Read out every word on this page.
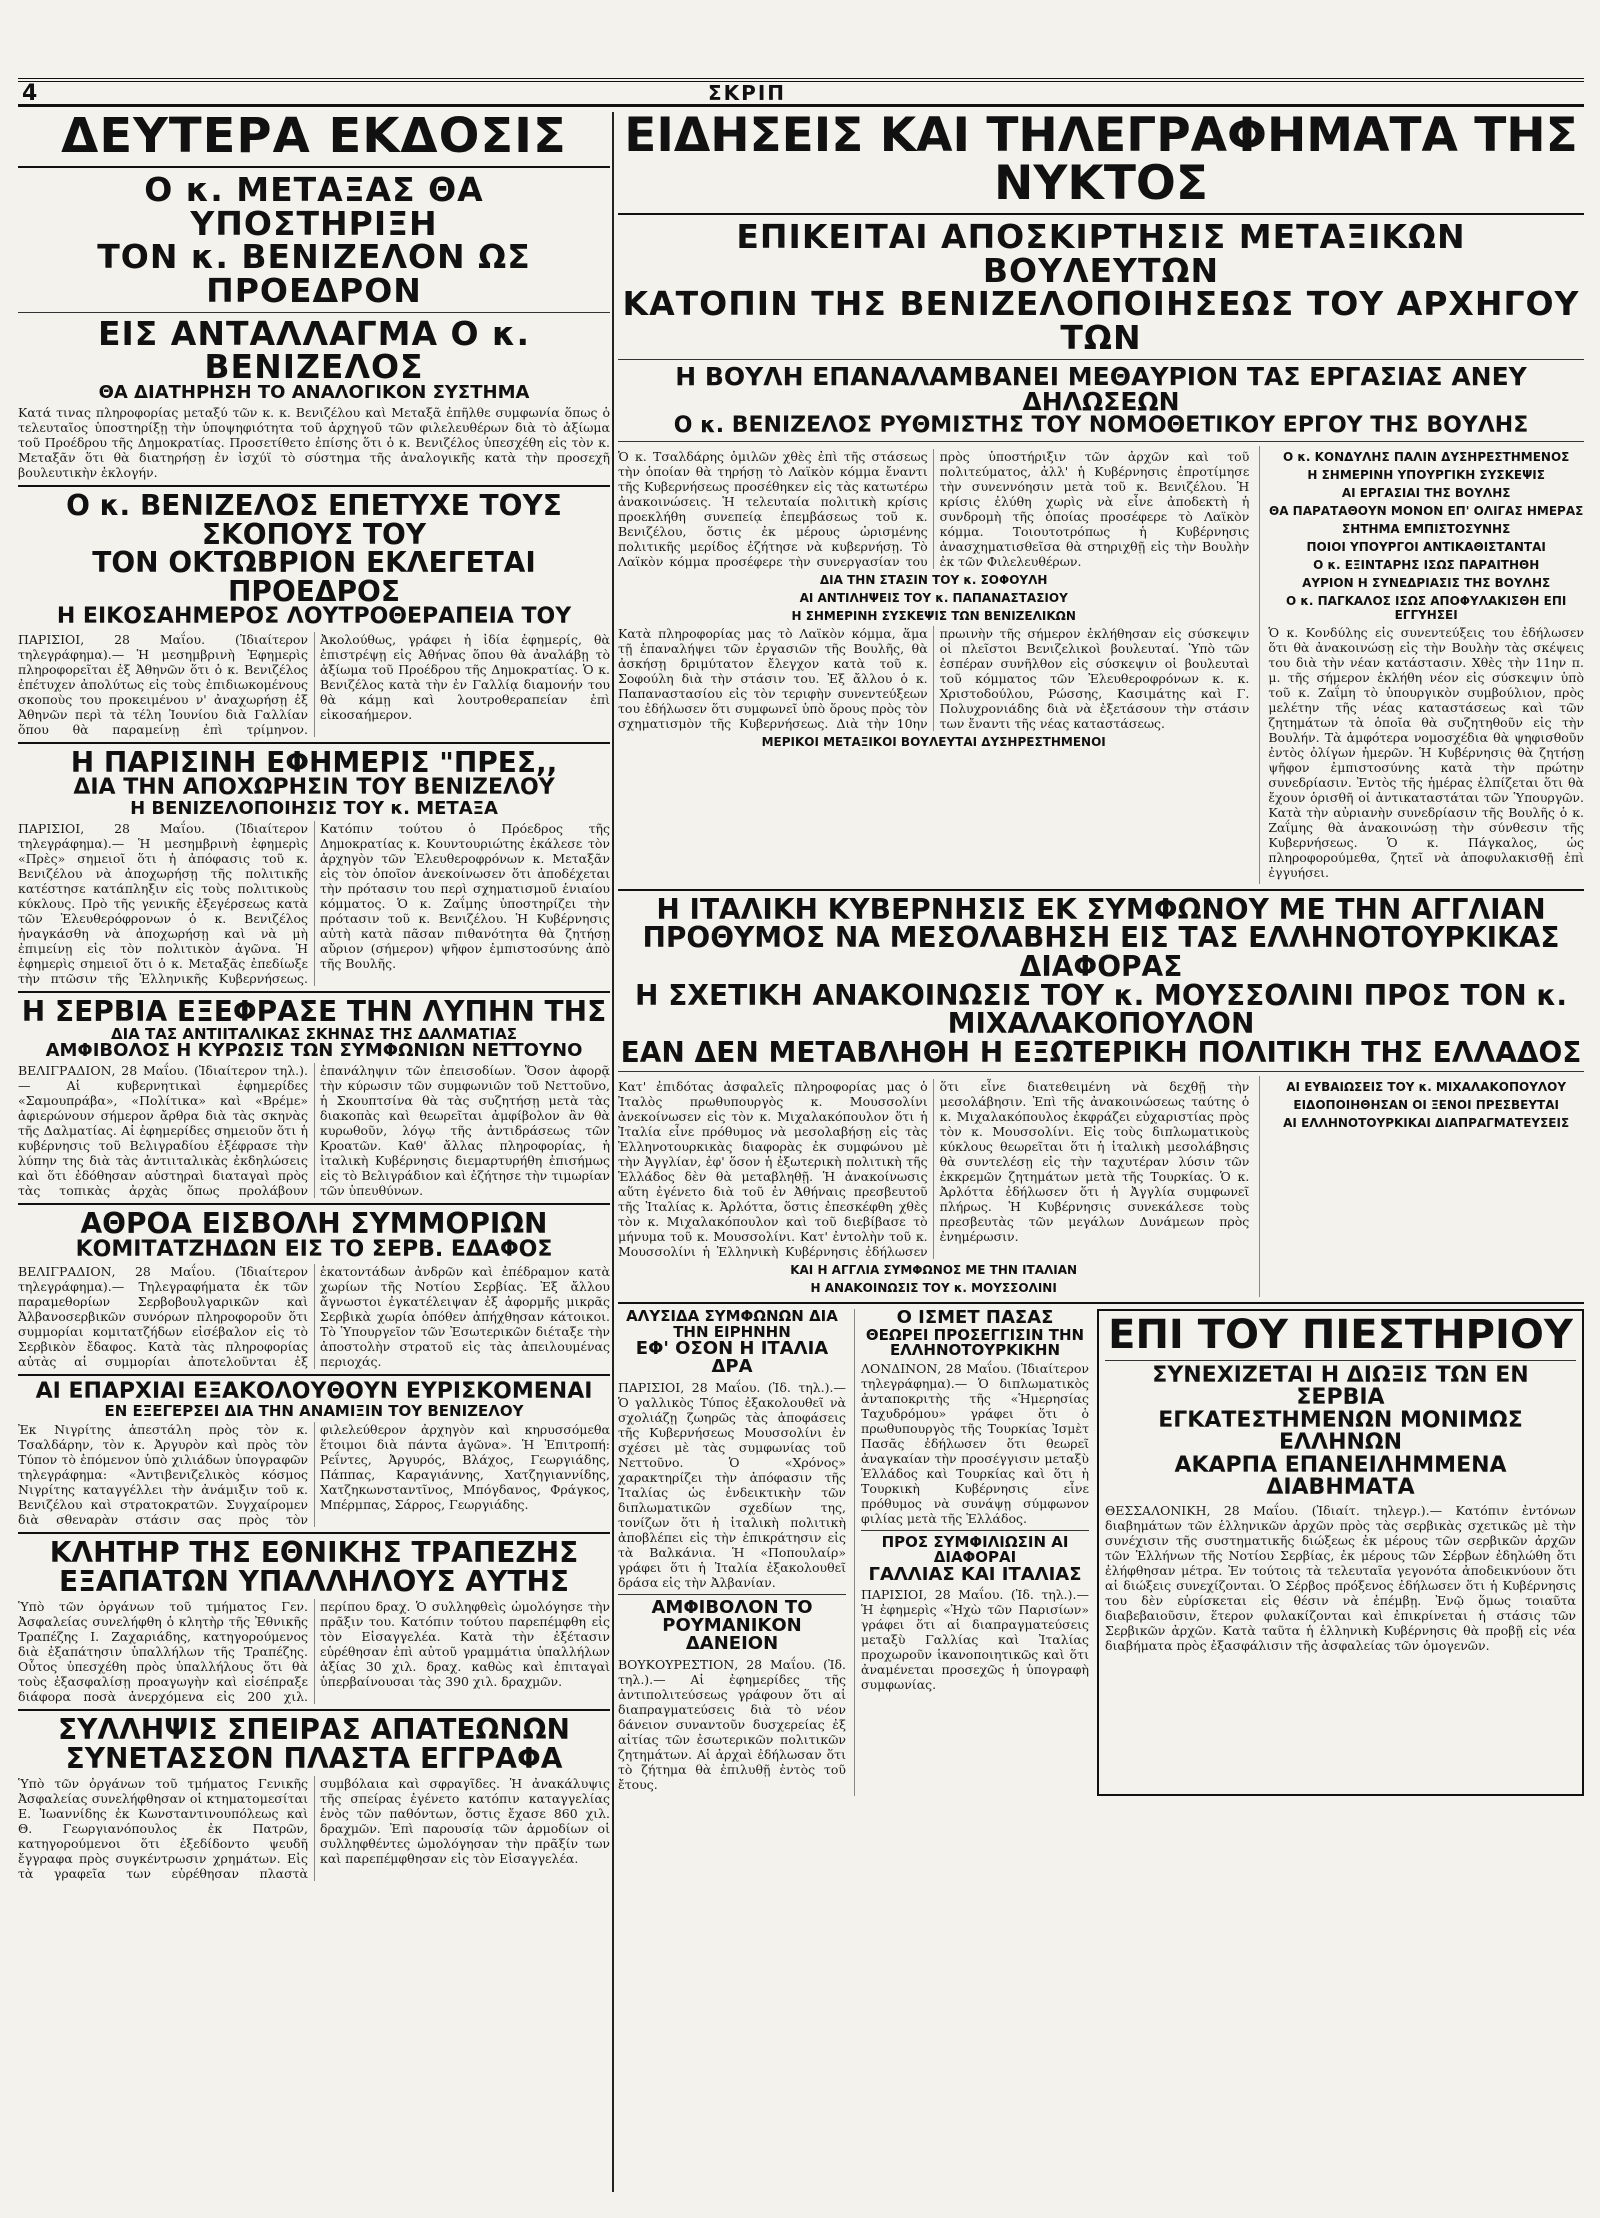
4	ΣΚΡΙΠ
ΔΕΥΤΕΡΑ ΕΚΔΟΣΙΣ
Ο κ. ΜΕΤΑΞΑΣ ΘΑ ΥΠΟΣΤΗΡΙΞΗ
ΤΟΝ κ. ΒΕΝΙΖΕΛΟΝ ΩΣ ΠΡΟΕΔΡΟΝ
ΕΙΣ ΑΝΤΑΛΛΑΓΜΑ Ο κ. ΒΕΝΙΖΕΛΟΣ
ΘΑ ΔΙΑΤΗΡΗΣΗ ΤΟ ΑΝΑΛΟΓΙΚΟΝ ΣΥΣΤΗΜΑ

Κατά τινας πληροφορίας μεταξύ τῶν κ. κ. Βενιζέλου καὶ Μεταξᾶ ἐπῆλθε συμφωνία ὅπως ὁ τελευταῖος ὑποστηρίξῃ τὴν ὑποψηφιότητα τοῦ ἀρχηγοῦ τῶν φιλελευθέρων διὰ τὸ ἀξίωμα τοῦ Προέδρου τῆς Δημοκρατίας. Προσετίθετο ἐπίσης ὅτι ὁ κ. Βενιζέλος ὑπεσχέθη εἰς τὸν κ. Μεταξᾶν ὅτι θὰ διατηρήσῃ ἐν ἰσχύϊ τὸ σύστημα τῆς ἀναλογικῆς κατὰ τὴν προσεχῆ βουλευτικὴν ἐκλογήν.

Ο κ. ΒΕΝΙΖΕΛΟΣ ΕΠΕΤΥΧΕ ΤΟΥΣ ΣΚΟΠΟΥΣ ΤΟΥ
ΤΟΝ ΟΚΤΩΒΡΙΟΝ ΕΚΛΕΓΕΤΑΙ ΠΡΟΕΔΡΟΣ
Η ΕΙΚΟΣΑΗΜΕΡΟΣ ΛΟΥΤΡΟΘΕΡΑΠΕΙΑ ΤΟΥ

ΠΑΡΙΣΙΟΙ, 28 Μαΐου. (Ἰδιαίτερον τηλεγράφημα).— Ἡ μεσημβρινὴ Ἐφημερὶς πληροφορεῖται ἐξ Ἀθηνῶν ὅτι ὁ κ. Βενιζέλος ἐπέτυχεν ἀπολύτως εἰς τοὺς ἐπιδιωκομένους σκοποὺς του προκειμένου ν' ἀναχωρήσῃ ἐξ Ἀθηνῶν περὶ τὰ τέλη Ἰουνίου διὰ Γαλλίαν ὅπου θὰ παραμείνῃ ἐπὶ τρίμηνον. Ἀκολούθως, γράφει ἡ ἰδία ἐφημερίς, θὰ ἐπιστρέψῃ εἰς Ἀθήνας ὅπου θὰ ἀναλάβῃ τὸ ἀξίωμα τοῦ Προέδρου τῆς Δημοκρατίας. Ὁ κ. Βενιζέλος κατὰ τὴν ἐν Γαλλίᾳ διαμονήν του θὰ κάμῃ καὶ λουτροθεραπείαν ἐπὶ εἰκοσαήμερον.

Η ΠΑΡΙΣΙΝΗ ΕΦΗΜΕΡΙΣ "ΠΡΕΣ,,
ΔΙΑ ΤΗΝ ΑΠΟΧΩΡΗΣΙΝ ΤΟΥ ΒΕΝΙΖΕΛΟΥ
Η ΒΕΝΙΖΕΛΟΠΟΙΗΣΙΣ ΤΟΥ κ. ΜΕΤΑΞΑ

ΠΑΡΙΣΙΟΙ, 28 Μαΐου. (Ἰδιαίτερον τηλεγράφημα).— Ἡ μεσημβρινὴ ἐφημερὶς «Πρὲς» σημειοῖ ὅτι ἡ ἀπόφασις τοῦ κ. Βενιζέλου νὰ ἀποχωρήσῃ τῆς πολιτικῆς κατέστησε κατάπληξιν εἰς τοὺς πολιτικοὺς κύκλους. Πρὸ τῆς γενικῆς ἐξεγέρσεως κατὰ τῶν Ἐλευθερόφρονων ὁ κ. Βενιζέλος ἠναγκάσθη νὰ ἀποχωρήσῃ καὶ νὰ μὴ ἐπιμείνῃ εἰς τὸν πολιτικὸν ἀγῶνα. Ἡ ἐφημερὶς σημειοῖ ὅτι ὁ κ. Μεταξᾶς ἐπεδίωξε τὴν πτῶσιν τῆς Ἑλληνικῆς Κυβερνήσεως. Κατόπιν τούτου ὁ Πρόεδρος τῆς Δημοκρατίας κ. Κουντουριώτης ἐκάλεσε τὸν ἀρχηγὸν τῶν Ἐλευθεροφρόνων κ. Μεταξᾶν εἰς τὸν ὁποῖον ἀνεκοίνωσεν ὅτι ἀποδέχεται τὴν πρότασιν του περὶ σχηματισμοῦ ἑνιαίου κόμματος. Ὁ κ. Ζαΐμης ὑποστηρίζει τὴν πρότασιν τοῦ κ. Βενιζέλου. Ἡ Κυβέρνησις αὐτὴ κατὰ πᾶσαν πιθανότητα θὰ ζητήσῃ αὔριον (σήμερον) ψῆφον ἐμπιστοσύνης ἀπὸ τῆς Βουλῆς.

Η ΣΕΡΒΙΑ ΕΞΕΦΡΑΣΕ ΤΗΝ ΛΥΠΗΝ ΤΗΣ
ΔΙΑ ΤΑΣ ΑΝΤΙΙΤΑΛΙΚΑΣ ΣΚΗΝΑΣ ΤΗΣ ΔΑΛΜΑΤΙΑΣ
ΑΜΦΙΒΟΛΟΣ Η ΚΥΡΩΣΙΣ ΤΩΝ ΣΥΜΦΩΝΙΩΝ ΝΕΤΤΟΥΝΟ

ΒΕΛΙΓΡΑΔΙΟΝ, 28 Μαΐου. (Ἰδιαίτερον τηλ.).— Αἱ κυβερνητικαὶ ἐφημερίδες «Σαμουπράβα», «Πολίτικα» καὶ «Βρέμε» ἀφιερώνουν σήμερον ἄρθρα διὰ τὰς σκηνὰς τῆς Δαλματίας. Αἱ ἐφημερίδες σημειοῦν ὅτι ἡ κυβέρνησις τοῦ Βελιγραδίου ἐξέφρασε τὴν λύπην της διὰ τὰς ἀντιιταλικὰς ἐκδηλώσεις καὶ ὅτι ἐδόθησαν αὐστηραὶ διαταγαὶ πρὸς τὰς τοπικὰς ἀρχὰς ὅπως προλάβουν ἐπανάληψιν τῶν ἐπεισοδίων. Ὅσον ἀφορᾷ τὴν κύρωσιν τῶν συμφωνιῶν τοῦ Νεττοῦνο, ἡ Σκουπτσίνα θὰ τὰς συζητήσῃ μετὰ τὰς διακοπὰς καὶ θεωρεῖται ἀμφίβολον ἂν θὰ κυρωθοῦν, λόγῳ τῆς ἀντιδράσεως τῶν Κροατῶν. Καθ' ἄλλας πληροφορίας, ἡ ἰταλικὴ Κυβέρνησις διεμαρτυρήθη ἐπισήμως εἰς τὸ Βελιγράδιον καὶ ἐζήτησε τὴν τιμωρίαν τῶν ὑπευθύνων.

ΑΘΡΟΑ ΕΙΣΒΟΛΗ ΣΥΜΜΟΡΙΩΝ
ΚΟΜΙΤΑΤΖΗΔΩΝ ΕΙΣ ΤΟ ΣΕΡΒ. ΕΔΑΦΟΣ

ΒΕΛΙΓΡΑΔΙΟΝ, 28 Μαΐου. (Ἰδιαίτερον τηλεγράφημα).— Τηλεγραφήματα ἐκ τῶν παραμεθορίων Σερβοβουλγαρικῶν καὶ Ἀλβανοσερβικῶν συνόρων πληροφοροῦν ὅτι συμμορίαι κομιτατζήδων εἰσέβαλον εἰς τὸ Σερβικὸν ἔδαφος. Κατὰ τὰς πληροφορίας αὐτὰς αἱ συμμορίαι ἀποτελοῦνται ἐξ ἑκατοντάδων ἀνδρῶν καὶ ἐπέδραμον κατὰ χωρίων τῆς Νοτίου Σερβίας. Ἐξ ἄλλου ἄγνωστοι ἐγκατέλειψαν ἐξ ἀφορμῆς μικρᾶς Σερβικὰ χωρία ὁπόθεν ἀπήχθησαν κάτοικοι. Τὸ Ὑπουργεῖον τῶν Ἐσωτερικῶν διέταξε τὴν ἀποστολὴν στρατοῦ εἰς τὰς ἀπειλουμένας περιοχάς.

ΑΙ ΕΠΑΡΧΙΑΙ ΕΞΑΚΟΛΟΥΘΟΥΝ ΕΥΡΙΣΚΟΜΕΝΑΙ
ΕΝ ΕΞΕΓΕΡΣΕΙ ΔΙΑ ΤΗΝ ΑΝΑΜΙΞΙΝ ΤΟΥ ΒΕΝΙΖΕΛΟΥ

Ἐκ Νιγρίτης ἀπεστάλη πρὸς τὸν κ. Τσαλδάρην, τὸν κ. Ἀργυρὸν καὶ πρὸς τὸν Τύπον τὸ ἑπόμενον ὑπὸ χιλιάδων ὑπογραφῶν τηλεγράφημα: «Ἀντιβενιζελικὸς κόσμος Νιγρίτης καταγγέλλει τὴν ἀνάμιξιν τοῦ κ. Βενιζέλου καὶ στρατοκρατῶν. Συγχαίρομεν διὰ σθεναρὰν στάσιν σας πρὸς τὸν φιλελεύθερον ἀρχηγὸν καὶ κηρυσσόμεθα ἕτοιμοι διὰ πάντα ἀγῶνα». Ἡ Ἐπιτροπή: Ρεΐντες, Ἀργυρός, Βλάχος, Γεωργιάδης, Πάππας, Καραγιάννης, Χατζηγιαννίδης, Χατζηκωνσταντῖνος, Μπόγδανος, Φράγκος, Μπέρμπας, Σάρρος, Γεωργιάδης.

ΚΛΗΤΗΡ ΤΗΣ ΕΘΝΙΚΗΣ ΤΡΑΠΕΖΗΣ
ΕΞΑΠΑΤΩΝ ΥΠΑΛΛΗΛΟΥΣ ΑΥΤΗΣ

Ὑπὸ τῶν ὀργάνων τοῦ τμήματος Γεν. Ἀσφαλείας συνελήφθη ὁ κλητὴρ τῆς Ἐθνικῆς Τραπέζης Ι. Ζαχαριάδης, κατηγορούμενος διὰ ἐξαπάτησιν ὑπαλλήλων τῆς Τραπέζης. Οὗτος ὑπεσχέθη πρὸς ὑπαλλήλους ὅτι θὰ τοὺς ἐξασφαλίσῃ προαγωγὴν καὶ εἰσέπραξε διάφορα ποσὰ ἀνερχόμενα εἰς 200 χιλ. περίπου δραχ. Ὁ συλληφθεὶς ὡμολόγησε τὴν πρᾶξιν του. Κατόπιν τούτου παρεπέμφθη εἰς τὸν Εἰσαγγελέα. Κατὰ τὴν ἐξέτασιν εὑρέθησαν ἐπὶ αὐτοῦ γραμμάτια ὑπαλλήλων ἀξίας 30 χιλ. δραχ. καθὼς καὶ ἐπιταγαὶ ὑπερβαίνουσαι τὰς 390 χιλ. δραχμῶν.

ΣΥΛΛΗΨΙΣ ΣΠΕΙΡΑΣ ΑΠΑΤΕΩΝΩΝ
ΣΥΝΕΤΑΣΣΟΝ ΠΛΑΣΤΑ ΕΓΓΡΑΦΑ

Ὑπὸ τῶν ὀργάνων τοῦ τμήματος Γενικῆς Ἀσφαλείας συνελήφθησαν οἱ κτηματομεσίται Ε. Ἰωαννίδης ἐκ Κωνσταντινουπόλεως καὶ Θ. Γεωργιανόπουλος ἐκ Πατρῶν, κατηγορούμενοι ὅτι ἐξεδίδοντο ψευδῆ ἔγγραφα πρὸς συγκέντρωσιν χρημάτων. Εἰς τὰ γραφεῖα των εὑρέθησαν πλαστὰ συμβόλαια καὶ σφραγῖδες. Ἡ ἀνακάλυψις τῆς σπείρας ἐγένετο κατόπιν καταγγελίας ἑνὸς τῶν παθόντων, ὅστις ἔχασε 860 χιλ. δραχμῶν. Ἐπὶ παρουσίᾳ τῶν ἀρμοδίων οἱ συλληφθέντες ὡμολόγησαν τὴν πρᾶξίν των καὶ παρεπέμφθησαν εἰς τὸν Εἰσαγγελέα.

ΕΙΔΗΣΕΙΣ ΚΑΙ ΤΗΛΕΓΡΑΦΗΜΑΤΑ ΤΗΣ ΝΥΚΤΟΣ
ΕΠΙΚΕΙΤΑΙ ΑΠΟΣΚΙΡΤΗΣΙΣ ΜΕΤΑΞΙΚΩΝ ΒΟΥΛΕΥΤΩΝ
ΚΑΤΟΠΙΝ ΤΗΣ ΒΕΝΙΖΕΛΟΠΟΙΗΣΕΩΣ ΤΟΥ ΑΡΧΗΓΟΥ ΤΩΝ
Η ΒΟΥΛΗ ΕΠΑΝΑΛΑΜΒΑΝΕΙ ΜΕΘΑΥΡΙΟΝ ΤΑΣ ΕΡΓΑΣΙΑΣ ΑΝΕΥ ΔΗΛΩΣΕΩΝ
Ο κ. ΒΕΝΙΖΕΛΟΣ ΡΥΘΜΙΣΤΗΣ ΤΟΥ ΝΟΜΟΘΕΤΙΚΟΥ ΕΡΓΟΥ ΤΗΣ ΒΟΥΛΗΣ

Ὁ κ. Τσαλδάρης ὁμιλῶν χθὲς ἐπὶ τῆς στάσεως τὴν ὁποίαν θὰ τηρήσῃ τὸ Λαϊκὸν κόμμα ἔναντι τῆς Κυβερνήσεως προσέθηκεν εἰς τὰς κατωτέρω ἀνακοινώσεις. Ἡ τελευταία πολιτικὴ κρίσις προεκλήθη συνεπείᾳ ἐπεμβάσεως τοῦ κ. Βενιζέλου, ὅστις ἐκ μέρους ὡρισμένης πολιτικῆς μερίδος ἐζήτησε νὰ κυβερνήσῃ. Τὸ Λαϊκὸν κόμμα προσέφερε τὴν συνεργασίαν του πρὸς ὑποστήριξιν τῶν ἀρχῶν καὶ τοῦ πολιτεύματος, ἀλλ' ἡ Κυβέρνησις ἐπροτίμησε τὴν συνεννόησιν μετὰ τοῦ κ. Βενιζέλου. Ἡ κρίσις ἐλύθη χωρὶς νὰ εἶνε ἀποδεκτὴ ἡ συνδρομὴ τῆς ὁποίας προσέφερε τὸ Λαϊκὸν κόμμα. Τοιουτοτρόπως ἡ Κυβέρνησις ἀνασχηματισθεῖσα θὰ στηριχθῇ εἰς τὴν Βουλὴν ἐκ τῶν Φιλελευθέρων.

ΔΙΑ ΤΗΝ ΣΤΑΣΙΝ ΤΟΥ κ. ΣΟΦΟΥΛΗ
ΑΙ ΑΝΤΙΛΗΨΕΙΣ ΤΟΥ κ. ΠΑΠΑΝΑΣΤΑΣΙΟΥ
Η ΣΗΜΕΡΙΝΗ ΣΥΣΚΕΨΙΣ ΤΩΝ ΒΕΝΙΖΕΛΙΚΩΝ

Κατὰ πληροφορίας μας τὸ Λαϊκὸν κόμμα, ἅμα τῇ ἐπαναλήψει τῶν ἐργασιῶν τῆς Βουλῆς, θὰ ἀσκήσῃ δριμύτατον ἔλεγχον κατὰ τοῦ κ. Σοφούλη διὰ τὴν στάσιν του. Ἐξ ἄλλου ὁ κ. Παπαναστασίου εἰς τὸν τεριφὴν συνεντεύξεων του ἐδήλωσεν ὅτι συμφωνεῖ ὑπὸ ὅρους πρὸς τὸν σχηματισμὸν τῆς Κυβερνήσεως. Διὰ τὴν 10ην πρωινὴν τῆς σήμερον ἐκλήθησαν εἰς σύσκεψιν οἱ πλεῖστοι Βενιζελικοὶ βουλευταί. Ὑπὸ τῶν ἐσπέραν συνῆλθον εἰς σύσκεψιν οἱ βουλευταὶ τοῦ κόμματος τῶν Ἐλευθεροφρόνων κ. κ. Χριστοδούλου, Ρώσσης, Κασιμάτης καὶ Γ. Πολυχρονιάδης διὰ νὰ ἐξετάσουν τὴν στάσιν των ἔναντι τῆς νέας καταστάσεως.

ΜΕΡΙΚΟΙ ΜΕΤΑΞΙΚΟΙ ΒΟΥΛΕΥΤΑΙ ΔΥΣΗΡΕΣΤΗΜΕΝΟΙ
Ο κ. ΚΟΝΔΥΛΗΣ ΠΑΛΙΝ ΔΥΣΗΡΕΣΤΗΜΕΝΟΣ
Η ΣΗΜΕΡΙΝΗ ΥΠΟΥΡΓΙΚΗ ΣΥΣΚΕΨΙΣ
ΑΙ ΕΡΓΑΣΙΑΙ ΤΗΣ ΒΟΥΛΗΣ
ΘΑ ΠΑΡΑΤΑΘΟΥΝ ΜΟΝΟΝ ΕΠ' ΟΛΙΓΑΣ ΗΜΕΡΑΣ
ΣΗΤΗΜΑ ΕΜΠΙΣΤΟΣΥΝΗΣ
ΠΟΙΟΙ ΥΠΟΥΡΓΟΙ ΑΝΤΙΚΑΘΙΣΤΑΝΤΑΙ
Ο κ. ΕΞΙΝΤΑΡΗΣ ΙΣΩΣ ΠΑΡΑΙΤΗΘΗ
ΑΥΡΙΟΝ Η ΣΥΝΕΔΡΙΑΣΙΣ ΤΗΣ ΒΟΥΛΗΣ
Ο κ. ΠΑΓΚΑΛΟΣ ΙΣΩΣ ΑΠΟΦΥΛΑΚΙΣΘΗ ΕΠΙ ΕΓΓΥΗΣΕΙ

Ὁ κ. Κονδύλης εἰς συνεντεύξεις του ἐδήλωσεν ὅτι θὰ ἀνακοινώσῃ εἰς τὴν Βουλὴν τὰς σκέψεις του διὰ τὴν νέαν κατάστασιν. Χθὲς τὴν 11ην π. μ. τῆς σήμερον ἐκλήθη νέον εἰς σύσκεψιν ὑπὸ τοῦ κ. Ζαΐμη τὸ ὑπουργικὸν συμβούλιον, πρὸς μελέτην τῆς νέας καταστάσεως καὶ τῶν ζητημάτων τὰ ὁποῖα θὰ συζητηθοῦν εἰς τὴν Βουλήν. Τὰ ἀμφότερα νομοσχέδια θὰ ψηφισθοῦν ἐντὸς ὀλίγων ἡμερῶν. Ἡ Κυβέρνησις θὰ ζητήσῃ ψῆφον ἐμπιστοσύνης κατὰ τὴν πρώτην συνεδρίασιν. Ἐντὸς τῆς ἡμέρας ἐλπίζεται ὅτι θὰ ἔχουν ὁρισθῆ οἱ ἀντικαταστάται τῶν Ὑπουργῶν. Κατὰ τὴν αὐριανὴν συνεδρίασιν τῆς Βουλῆς ὁ κ. Ζαΐμης θὰ ἀνακοινώσῃ τὴν σύνθεσιν τῆς Κυβερνήσεως. Ὁ κ. Πάγκαλος, ὡς πληροφορούμεθα, ζητεῖ νὰ ἀποφυλακισθῇ ἐπὶ ἐγγυήσει.

Η ΙΤΑΛΙΚΗ ΚΥΒΕΡΝΗΣΙΣ ΕΚ ΣΥΜΦΩΝΟΥ ΜΕ ΤΗΝ ΑΓΓΛΙΑΝ
ΠΡΟΘΥΜΟΣ ΝΑ ΜΕΣΟΛΑΒΗΣΗ ΕΙΣ ΤΑΣ ΕΛΛΗΝΟΤΟΥΡΚΙΚΑΣ ΔΙΑΦΟΡΑΣ
Η ΣΧΕΤΙΚΗ ΑΝΑΚΟΙΝΩΣΙΣ ΤΟΥ κ. ΜΟΥΣΣΟΛΙΝΙ ΠΡΟΣ ΤΟΝ κ. ΜΙΧΑΛΑΚΟΠΟΥΛΟΝ
ΕΑΝ ΔΕΝ ΜΕΤΑΒΛΗΘΗ Η ΕΞΩΤΕΡΙΚΗ ΠΟΛΙΤΙΚΗ ΤΗΣ ΕΛΛΑΔΟΣ

Κατ' ἐπιδότας ἀσφαλεῖς πληροφορίας μας ὁ Ἰταλὸς πρωθυπουργὸς κ. Μουσσολίνι ἀνεκοίνωσεν εἰς τὸν κ. Μιχαλακόπουλον ὅτι ἡ Ἰταλία εἶνε πρόθυμος νὰ μεσολαβήσῃ εἰς τὰς Ἑλληνοτουρκικὰς διαφορὰς ἐκ συμφώνου μὲ τὴν Ἀγγλίαν, ἐφ' ὅσον ἡ ἐξωτερικὴ πολιτικὴ τῆς Ἑλλάδος δὲν θὰ μεταβληθῇ. Ἡ ἀνακοίνωσις αὕτη ἐγένετο διὰ τοῦ ἐν Ἀθήναις πρεσβευτοῦ τῆς Ἰταλίας κ. Ἀρλόττα, ὅστις ἐπεσκέφθη χθὲς τὸν κ. Μιχαλακόπουλον καὶ τοῦ διεβίβασε τὸ μήνυμα τοῦ κ. Μουσσολίνι. Κατ' ἐντολὴν τοῦ κ. Μουσσολίνι ἡ Ἑλληνικὴ Κυβέρνησις ἐδήλωσεν ὅτι εἶνε διατεθειμένη νὰ δεχθῇ τὴν μεσολάβησιν. Ἐπὶ τῆς ἀνακοινώσεως ταύτης ὁ κ. Μιχαλακόπουλος ἐκφράζει εὐχαριστίας πρὸς τὸν κ. Μουσσολίνι. Εἰς τοὺς διπλωματικοὺς κύκλους θεωρεῖται ὅτι ἡ ἰταλικὴ μεσολάβησις θὰ συντελέσῃ εἰς τὴν ταχυτέραν λύσιν τῶν ἐκκρεμῶν ζητημάτων μετὰ τῆς Τουρκίας. Ὁ κ. Ἀρλόττα ἐδήλωσεν ὅτι ἡ Ἀγγλία συμφωνεῖ πλήρως. Ἡ Κυβέρνησις συνεκάλεσε τοὺς πρεσβευτὰς τῶν μεγάλων Δυνάμεων πρὸς ἐνημέρωσιν.

ΚΑΙ Η ΑΓΓΛΙΑ ΣΥΜΦΩΝΟΣ ΜΕ ΤΗΝ ΙΤΑΛΙΑΝ
Η ΑΝΑΚΟΙΝΩΣΙΣ ΤΟΥ κ. ΜΟΥΣΣΟΛΙΝΙ
ΑΙ ΕΥΒΑΙΩΣΕΙΣ ΤΟΥ κ. ΜΙΧΑΛΑΚΟΠΟΥΛΟΥ
ΕΙΔΟΠΟΙΗΘΗΣΑΝ ΟΙ ΞΕΝΟΙ ΠΡΕΣΒΕΥΤΑΙ
ΑΙ ΕΛΛΗΝΟΤΟΥΡΚΙΚΑΙ ΔΙΑΠΡΑΓΜΑΤΕΥΣΕΙΣ
ΑΛΥΣΙΔΑ ΣΥΜΦΩΝΩΝ ΔΙΑ ΤΗΝ ΕΙΡΗΝΗΝ
ΕΦ' ΟΣΟΝ Η ΙΤΑΛΙΑ ΔΡΑ

ΠΑΡΙΣΙΟΙ, 28 Μαΐου. (Ἰδ. τηλ.).— Ὁ γαλλικὸς Τύπος ἐξακολουθεῖ νὰ σχολιάζῃ ζωηρῶς τὰς ἀποφάσεις τῆς Κυβερνήσεως Μουσσολίνι ἐν σχέσει μὲ τὰς συμφωνίας τοῦ Νεττοῦνο. Ὁ «Χρόνος» χαρακτηρίζει τὴν ἀπόφασιν τῆς Ἰταλίας ὡς ἐνδεικτικὴν τῶν διπλωματικῶν σχεδίων της, τονίζων ὅτι ἡ ἰταλικὴ πολιτικὴ ἀποβλέπει εἰς τὴν ἐπικράτησιν εἰς τὰ Βαλκάνια. Ἡ «Ποπουλαίρ» γράφει ὅτι ἡ Ἰταλία ἐξακολουθεῖ δράσα εἰς τὴν Ἀλβανίαν.

ΑΜΦΙΒΟΛΟΝ ΤΟ ΡΟΥΜΑΝΙΚΟΝ ΔΑΝΕΙΟΝ

ΒΟΥΚΟΥΡΕΣΤΙΟΝ, 28 Μαΐου. (Ἰδ. τηλ.).— Αἱ ἐφημερίδες τῆς ἀντιπολιτεύσεως γράφουν ὅτι αἱ διαπραγματεύσεις διὰ τὸ νέον δάνειον συναντοῦν δυσχερείας ἐξ αἰτίας τῶν ἐσωτερικῶν πολιτικῶν ζητημάτων. Αἱ ἀρχαὶ ἐδήλωσαν ὅτι τὸ ζήτημα θὰ ἐπιλυθῇ ἐντὸς τοῦ ἔτους.

Ο ΙΣΜΕΤ ΠΑΣΑΣ
ΘΕΩΡΕΙ ΠΡΟΣΕΓΓΙΣΙΝ ΤΗΝ ΕΛΛΗΝΟΤΟΥΡΚΙΚΗΝ

ΛΟΝΔΙΝΟΝ, 28 Μαΐου. (Ἰδιαίτερον τηλεγράφημα).— Ὁ διπλωματικὸς ἀνταποκριτὴς τῆς «Ἡμερησίας Ταχυδρόμου» γράφει ὅτι ὁ πρωθυπουργὸς τῆς Τουρκίας Ἰσμὲτ Πασᾶς ἐδήλωσεν ὅτι θεωρεῖ ἀναγκαίαν τὴν προσέγγισιν μεταξὺ Ἑλλάδος καὶ Τουρκίας καὶ ὅτι ἡ Τουρκικὴ Κυβέρνησις εἶνε πρόθυμος νὰ συνάψῃ σύμφωνον φιλίας μετὰ τῆς Ἑλλάδος.

ΠΡΟΣ ΣΥΜΦΙΛΙΩΣΙΝ ΑΙ ΔΙΑΦΟΡΑΙ
ΓΑΛΛΙΑΣ ΚΑΙ ΙΤΑΛΙΑΣ

ΠΑΡΙΣΙΟΙ, 28 Μαΐου. (Ἰδ. τηλ.).— Ἡ ἐφημερὶς «Ἠχὼ τῶν Παρισίων» γράφει ὅτι αἱ διαπραγματεύσεις μεταξὺ Γαλλίας καὶ Ἰταλίας προχωροῦν ἱκανοποιητικῶς καὶ ὅτι ἀναμένεται προσεχῶς ἡ ὑπογραφὴ συμφωνίας.

ΕΠΙ ΤΟΥ ΠΙΕΣΤΗΡΙΟΥ
ΣΥΝΕΧΙΖΕΤΑΙ Η ΔΙΩΞΙΣ ΤΩΝ ΕΝ ΣΕΡΒΙΑ
ΕΓΚΑΤΕΣΤΗΜΕΝΩΝ ΜΟΝΙΜΩΣ ΕΛΛΗΝΩΝ
ΑΚΑΡΠΑ ΕΠΑΝΕΙΛΗΜΜΕΝΑ ΔΙΑΒΗΜΑΤΑ

ΘΕΣΣΑΛΟΝΙΚΗ, 28 Μαΐου. (Ἰδιαίτ. τηλεγρ.).— Κατόπιν ἐντόνων διαβημάτων τῶν ἑλληνικῶν ἀρχῶν πρὸς τὰς σερβικὰς σχετικῶς μὲ τὴν συνέχισιν τῆς συστηματικῆς διώξεως ἐκ μέρους τῶν σερβικῶν ἀρχῶν τῶν Ἑλλήνων τῆς Νοτίου Σερβίας, ἐκ μέρους τῶν Σέρβων ἐδηλώθη ὅτι ἐλήφθησαν μέτρα. Ἐν τούτοις τὰ τελευταῖα γεγονότα ἀποδεικνύουν ὅτι αἱ διώξεις συνεχίζονται. Ὁ Σέρβος πρόξενος ἐδήλωσεν ὅτι ἡ Κυβέρνησις του δὲν εὑρίσκεται εἰς θέσιν νὰ ἐπέμβῃ. Ἐνῷ ὅμως τοιαῦτα διαβεβαιοῦσιν, ἕτερον φυλακίζονται καὶ ἐπικρίνεται ἡ στάσις τῶν Σερβικῶν ἀρχῶν. Κατὰ ταῦτα ἡ ἑλληνικὴ Κυβέρνησις θὰ προβῇ εἰς νέα διαβήματα πρὸς ἐξασφάλισιν τῆς ἀσφαλείας τῶν ὁμογενῶν.
